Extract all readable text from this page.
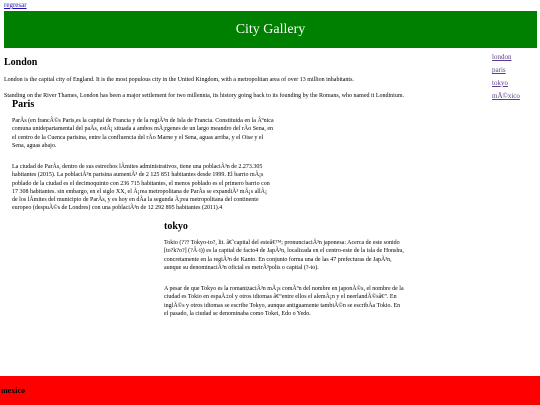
regresar
City Gallery
london
paris
tokyo
mÃ©xico
London

London is the capital city of England. It is the most populous city in the United Kingdom, with a metropolitan area of over 13 million inhabitants.

Standing on the River Thames, London has been a major settlement for two millennia, its history going back to its founding by the Romans, who named it Londinium.

Paris

ParÃs (en francÃ©s Paris,es la capital de Francia y de la regiÃ³n de Isla de Francia. Constituida en la Ãºnica comuna unidepartamental del paÃs, estÃ¡ situada a ambos mÃ¡rgenes de un largo meandro del rÃo Sena, en el centro de la Cuenca parisina, entre la confluencia del rÃo Marne y el Sena, aguas arriba, y el Oise y el Sena, aguas abajo.

La ciudad de ParÃs, dentro de sus estrechos lÃmites administrativos, tiene una poblaciÃ³n de 2.273.305 habitantes (2015). La poblaciÃ³n parisina aumentÃ³ de 2 125 851 habitantes desde 1999. El barrio mÃ¡s poblado de la ciudad es el decimoquinto con 236 715 habitantes, el menos poblado es el primero barrio con 17 308 habitantes. sin embargo, en el siglo XX, el Ã¡rea metropolitana de ParÃs se expandiÃ³ mÃ¡s allÃ¡ de los lÃmites del municipio de ParÃs, y es hoy en dÃa la segunda Ã¡rea metropolitana del continente europeo (despuÃ©s de Londres) con una poblaciÃ³n de 12 292 895 habitantes (2011).4

tokyo

Tokio (??? Tokyo-to?, lit. â€˜capital del esteâ€™; pronunciaciÃ³n japonesa: Acerca de este sonido [to?k?o?] (?Â·i)) es la capital de facto4 de JapÃ³n, localizada en el centro-este de la isla de Honshu, concretamente en la regiÃ³n de Kanto. En conjunto forma una de las 47 prefecturas de JapÃ³n, aunque su denominaciÃ³n oficial es metrÃ³polis o capital (?-to).

A pesar de que Tokyo es la romanizaciÃ³n mÃ¡s comÃºn del nombre en japonÃ©s, el nombre de la ciudad es Tokio en espaÃ±ol y otros idiomas â€“entre ellos el alemÃ¡n y el neerlandÃ©sâ€”. En inglÃ©s y otros idiomas se escribe Tokyo, aunque antiguamente tambiÃ©n se escribÃa Tokio. En el pasado, la ciudad se denominaba como Tokei, Edo o Yedo.

mexico
